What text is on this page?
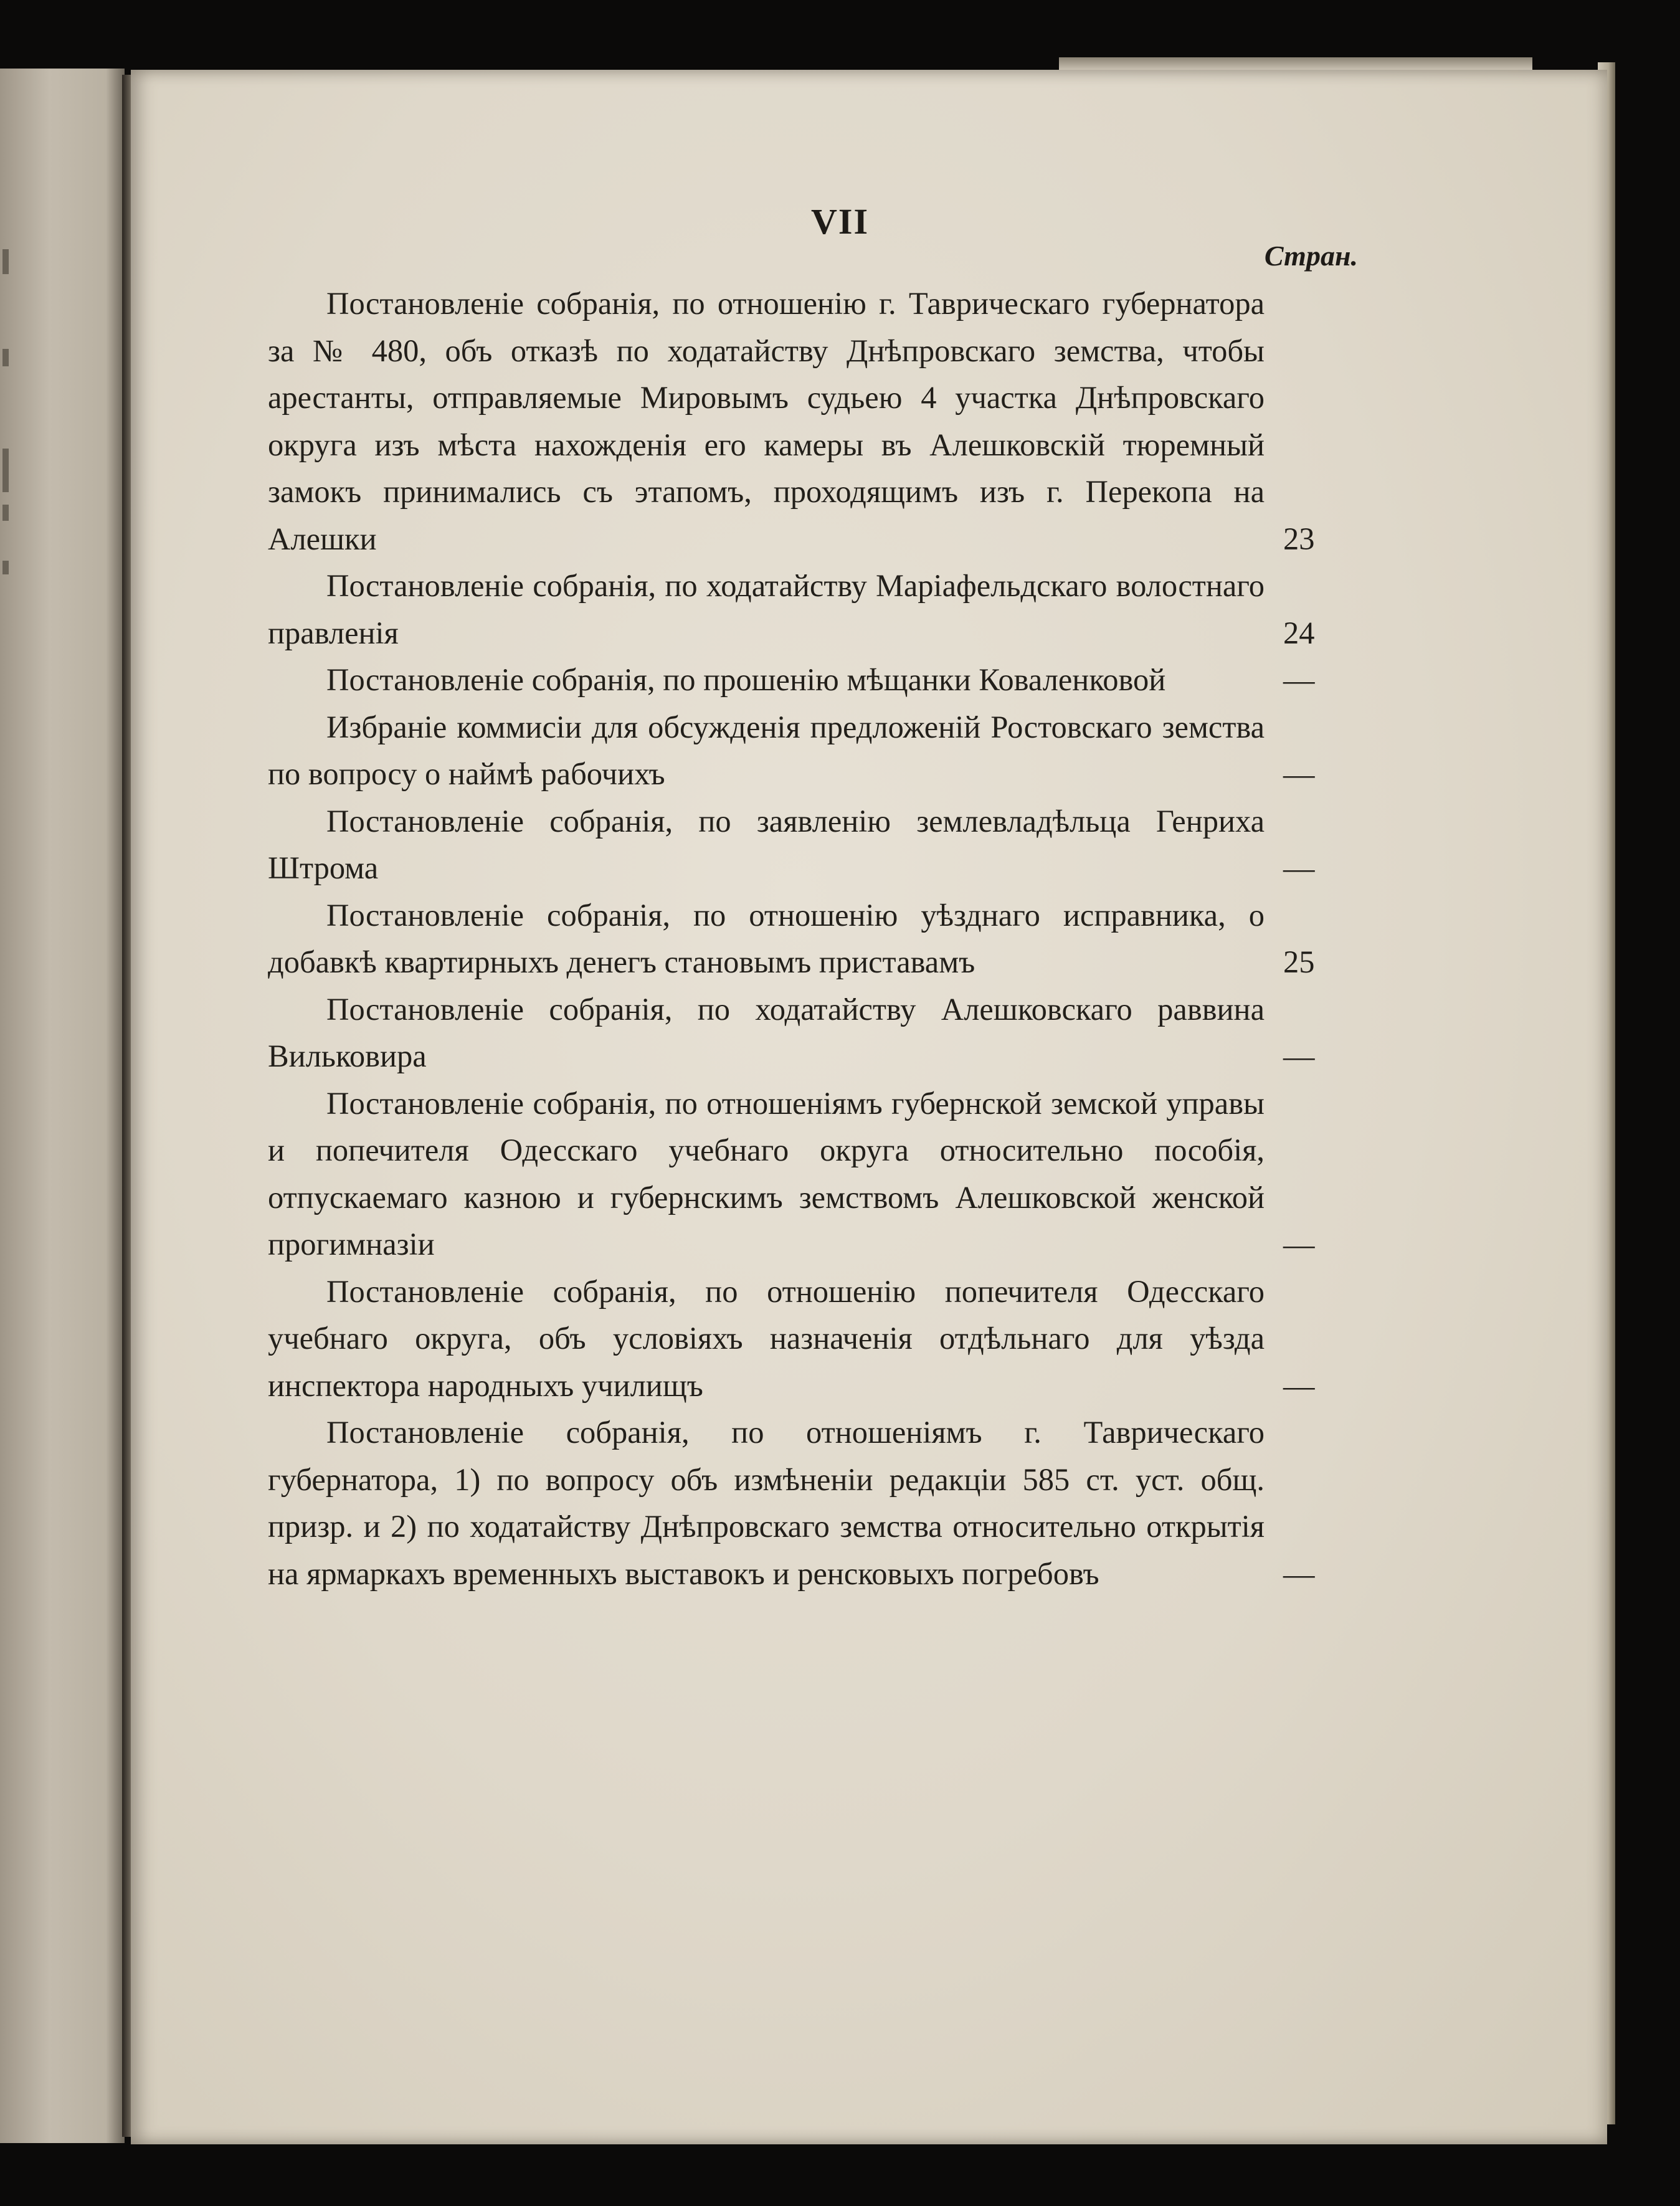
VII
Стран.
Постановленіе собранія, по отношенію г. Таврическаго губернатора за № 480, объ отказѣ по ходатайству Днѣпровскаго земства, чтобы арестанты, отправляемые Мировымъ судьею 4 участка Днѣпровскаго округа изъ мѣста нахожденія его камеры въ Алешковскій тюремный замокъ принимались съ этапомъ, проходящимъ изъ г. Перекопа на Алешки	23
Постановленіе собранія, по ходатайству Маріафельдскаго волостнаго правленія	24
Постановленіе собранія, по прошенію мѣщанки Коваленковой	—
Избраніе коммисіи для обсужденія предложеній Ростовскаго земства по вопросу о наймѣ рабочихъ	—
Постановленіе собранія, по заявленію землевладѣльца Генриха Штрома	—
Постановленіе собранія, по отношенію уѣзднаго исправника, о добавкѣ квартирныхъ денегъ становымъ приставамъ	25
Постановленіе собранія, по ходатайству Алешковскаго раввина Вильковира	—
Постановленіе собранія, по отношеніямъ губернской земской управы и попечителя Одесскаго учебнаго округа относительно пособія, отпускаемаго казною и губернскимъ земствомъ Алешковской женской прогимназіи	—
Постановленіе собранія, по отношенію попечителя Одесскаго учебнаго округа, объ условіяхъ назначенія отдѣльнаго для уѣзда инспектора народныхъ училищъ	—
Постановленіе собранія, по отношеніямъ г. Таврическаго губернатора, 1) по вопросу объ измѣненіи редакціи 585 ст. уст. общ. призр. и 2) по ходатайству Днѣпровскаго земства относительно открытія на ярмаркахъ временныхъ выставокъ и ренсковыхъ погребовъ	—
